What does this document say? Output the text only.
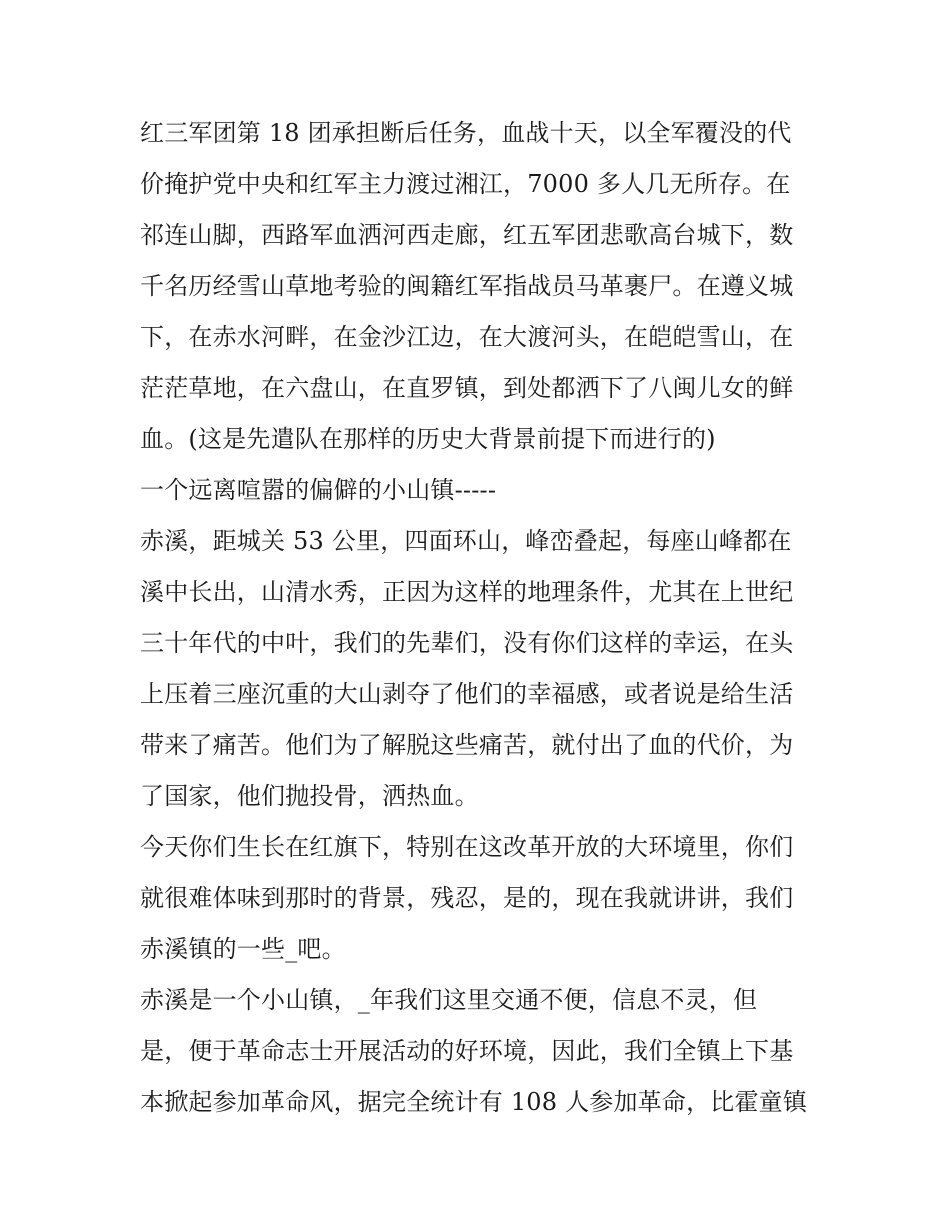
红三军团第 18 团承担断后任务，血战十天，以全军覆没的代
价掩护党中央和红军主力渡过湘江，7000 多人几无所存。在
祁连山脚，西路军血洒河西走廊，红五军团悲歌高台城下，数
千名历经雪山草地考验的闽籍红军指战员马革裹尸。在遵义城
下，在赤水河畔，在金沙江边，在大渡河头，在皑皑雪山，在
茫茫草地，在六盘山，在直罗镇，到处都洒下了八闽儿女的鲜
血。(这是先遣队在那样的历史大背景前提下而进行的)
一个远离喧嚣的偏僻的小山镇-----
赤溪，距城关 53 公里，四面环山，峰峦叠起，每座山峰都在
溪中长出，山清水秀，正因为这样的地理条件，尤其在上世纪
三十年代的中叶，我们的先辈们，没有你们这样的幸运，在头
上压着三座沉重的大山剥夺了他们的幸福感，或者说是给生活
带来了痛苦。他们为了解脱这些痛苦，就付出了血的代价，为
了国家，他们抛投骨，洒热血。
今天你们生长在红旗下，特别在这改革开放的大环境里，你们
就很难体味到那时的背景，残忍，是的，现在我就讲讲，我们
赤溪镇的一些_吧。
赤溪是一个小山镇，_年我们这里交通不便，信息不灵，但
是，便于革命志士开展活动的好环境，因此，我们全镇上下基
本掀起参加革命风，据完全统计有 108 人参加革命，比霍童镇
